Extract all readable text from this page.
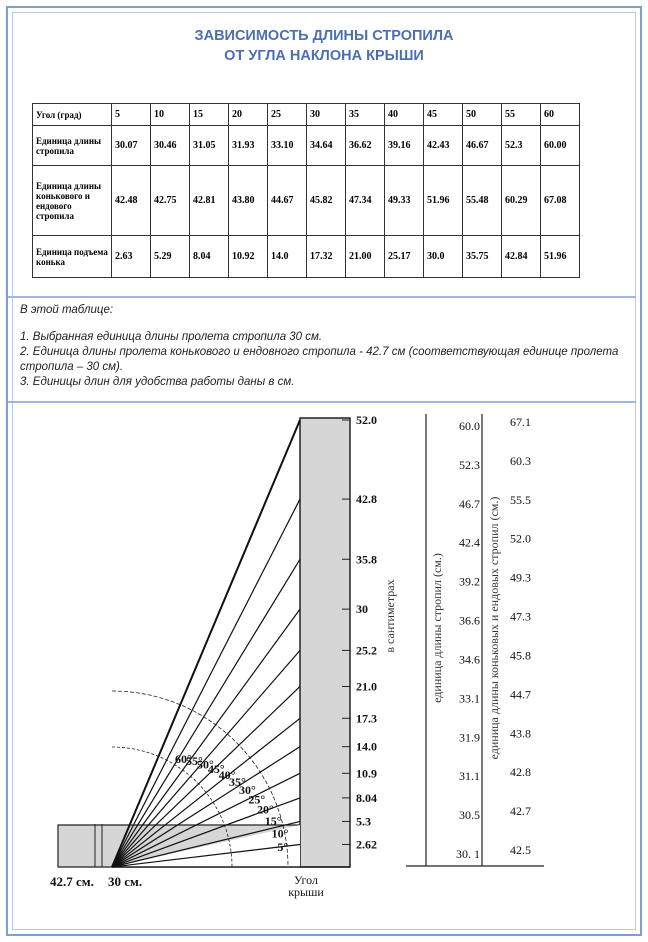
ЗАВИСИМОСТЬ ДЛИНЫ СТРОПИЛА
ОТ УГЛА НАКЛОНА КРЫШИ
Угол (град)	5	10	15	20	25	30	35	40	45	50	55	60
Единица длины стропила	30.07	30.46	31.05	31.93	33.10	34.64	36.62	39.16	42.43	46.67	52.3	60.00
Единица длины конькового и ендового стропила	42.48	42.75	42.81	43.80	44.67	45.82	47.34	49.33	51.96	55.48	60.29	67.08
Единица подъема конька	2.63	5.29	8.04	10.92	14.0	17.32	21.00	25.17	30.0	35.75	42.84	51.96

В этой таблице:

1. Выбранная единица длины пролета стропила 30 см.

2. Единица длины пролета конькового и ендовного стропила - 42.7 см (соответствующая единице пролета стропила – 30 см).

3. Единицы длин для удобства работы даны в см.

52.0
42.8
35.8
30
25.2
21.0
17.3
14.0
10.9
8.04
5.3
2.62
60°
55°
50°
45°
40°
35°
30°
25°
20°
15°
10°
5°
в сантиметрах
42.7 см. 30 см.	Угол
крыши
единица длины стропил (см.)	единица длины коньковых и ендовых стропил (см.)
60.0
52.3
46.7
42.4
39.2
36.6
34.6
33.1
31.9
31.1
30.5
30. 1
67.1
60.3
55.5
52.0
49.3
47.3
45.8
44.7
43.8
42.8
42.7
42.5
